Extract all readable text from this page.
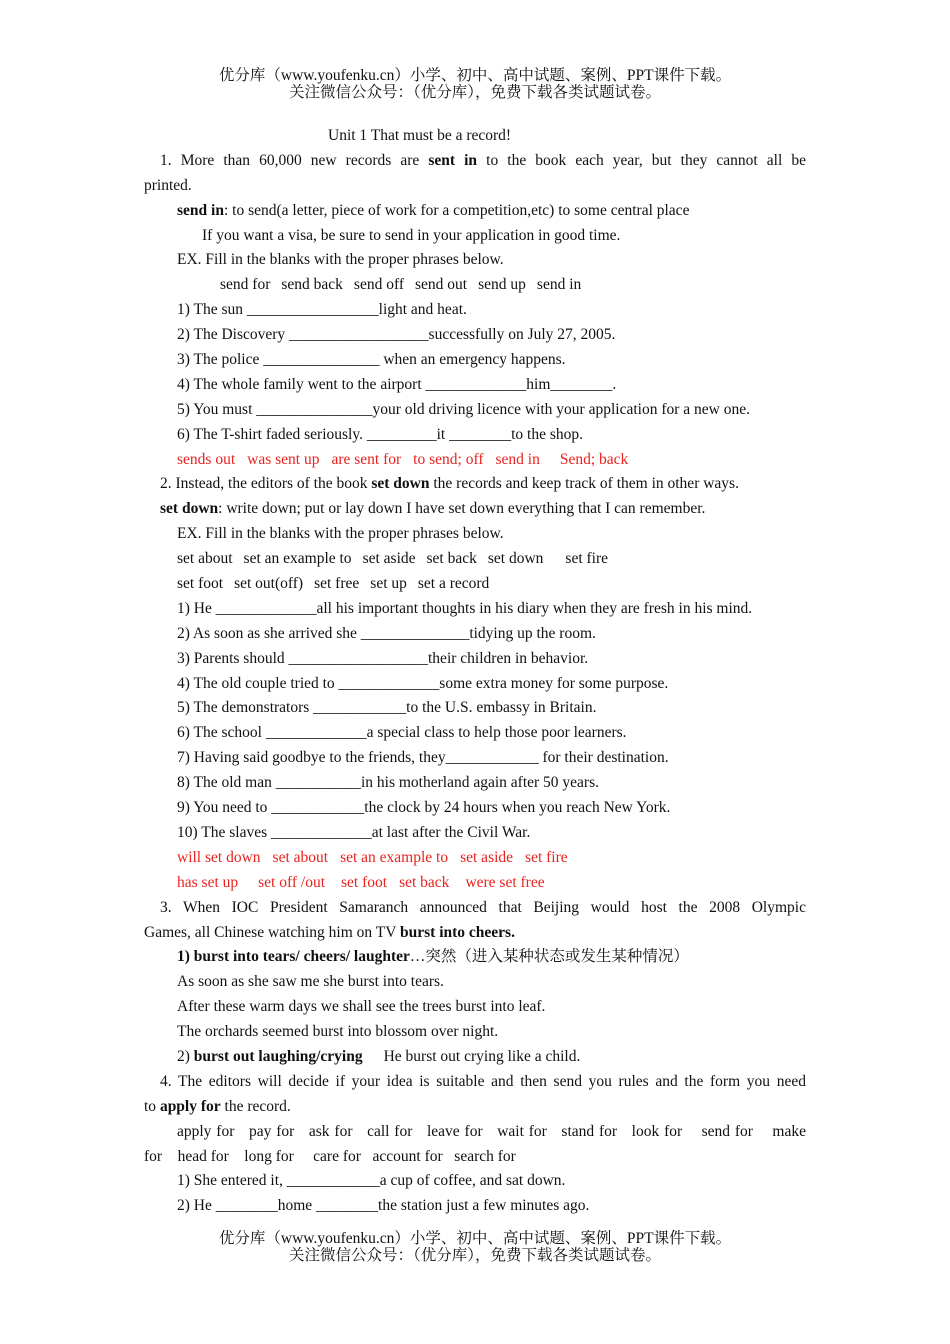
优分库（www.youfenku.cn）小学、初中、高中试题、案例、PPT课件下载。
关注微信公众号：（优分库），免费下载各类试题试卷。
Unit 1 That must be a record!
1. More than 60,000 new records are sent in to the book each year, but they cannot all be
printed.
send in: to send(a letter, piece of work for a competition,etc) to some central place
If you want a visa, be sure to send in your application in good time.
EX. Fill in the blanks with the proper phrases below.
send for send back send off send out send up send in
1) The sun _________________light and heat.
2) The Discovery __________________successfully on July 27, 2005.
3) The police _______________ when an emergency happens.
4) The whole family went to the airport _____________him________.
5) You must _______________your old driving licence with your application for a new one.
6) The T-shirt faded seriously. _________it ________to the shop.
sends out was sent up are sent for to send; off send in Send; back
2. Instead, the editors of the book set down the records and keep track of them in other ways.
set down: write down; put or lay down I have set down everything that I can remember.
EX. Fill in the blanks with the proper phrases below.
set about set an example to set aside set back set down set fire
set foot set out(off) set free set up set a record
1) He _____________all his important thoughts in his diary when they are fresh in his mind.
2) As soon as she arrived she ______________tidying up the room.
3) Parents should __________________their children in behavior.
4) The old couple tried to _____________some extra money for some purpose.
5) The demonstrators ____________to the U.S. embassy in Britain.
6) The school _____________a special class to help those poor learners.
7) Having said goodbye to the friends, they____________ for their destination.
8) The old man ___________in his motherland again after 50 years.
9) You need to ____________the clock by 24 hours when you reach New York.
10) The slaves _____________at last after the Civil War.
will set down set about set an example to set aside set fire
has set up set off /out set foot set back were set free
3. When IOC President Samaranch announced that Beijing would host the 2008 Olympic
Games, all Chinese watching him on TV burst into cheers.
1) burst into tears/ cheers/ laughter…突然（进入某种状态或发生某种情况）
As soon as she saw me she burst into tears.
After these warm days we shall see the trees burst into leaf.
The orchards seemed burst into blossom over night.
2) burst out laughing/crying He burst out crying like a child.
4. The editors will decide if your idea is suitable and then send you rules and the form you need
to apply for the record.
apply for   pay for   ask for   call for   leave for   wait for   stand for   look for    send for    make
for    head for    long for     care for   account for   search for
1) She entered it, ____________a cup of coffee, and sat down.
2) He ________home ________the station just a few minutes ago.
优分库（www.youfenku.cn）小学、初中、高中试题、案例、PPT课件下载。
关注微信公众号：（优分库），免费下载各类试题试卷。
